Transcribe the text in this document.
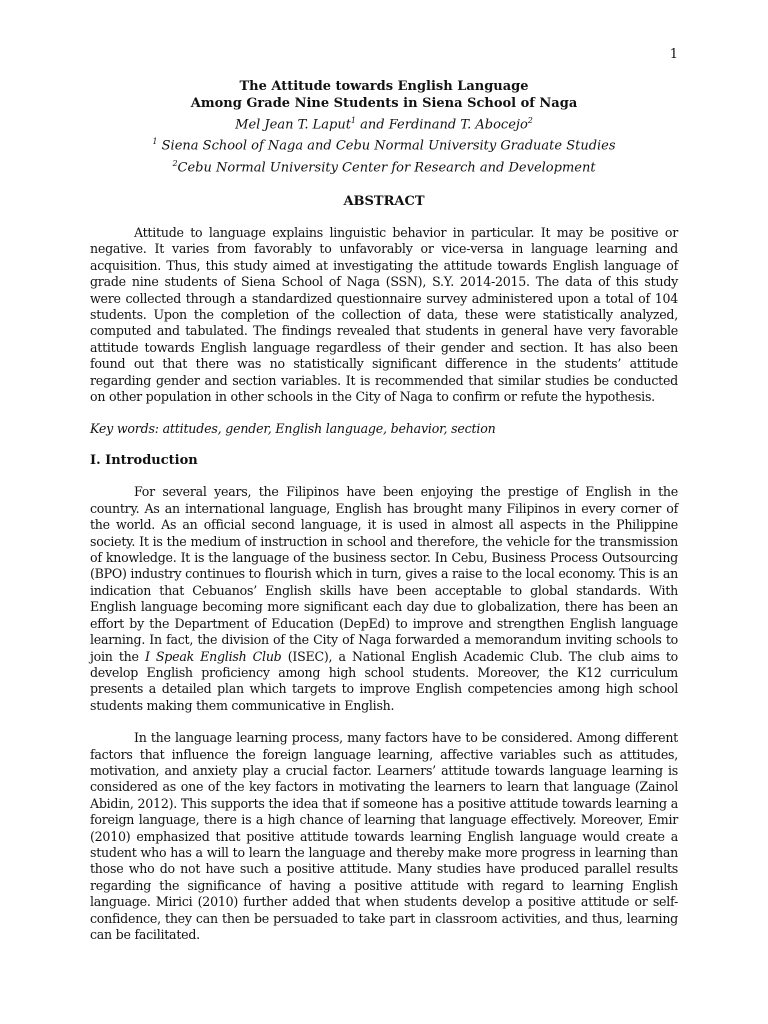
1
The Attitude towards English Language
Among Grade Nine Students in Siena School of Naga
Mel Jean T. Laput$^1$ and Ferdinand T. Abocejo$^2$
$^1$ Siena School of Naga and Cebu Normal University Graduate Studies
$^2$Cebu Normal University Center for Research and Development
ABSTRACT

Attitude to language explains linguistic behavior in particular. It may be positive or negative. It varies from favorably to unfavorably or vice-versa in language learning and acquisition. Thus, this study aimed at investigating the attitude towards English language of grade nine students of Siena School of Naga (SSN), S.Y. 2014-2015. The data of this study were collected through a standardized questionnaire survey administered upon a total of 104 students. Upon the completion of the collection of data, these were statistically analyzed, computed and tabulated. The findings revealed that students in general have very favorable attitude towards English language regardless of their gender and section. It has also been found out that there was no statistically significant difference in the students’ attitude regarding gender and section variables. It is recommended that similar studies be conducted on other population in other schools in the City of Naga to confirm or refute the hypothesis.

Key words: attitudes, gender, English language, behavior, section
I. Introduction

For several years, the Filipinos have been enjoying the prestige of English in the country. As an international language, English has brought many Filipinos in every corner of the world. As an official second language, it is used in almost all aspects in the Philippine society. It is the medium of instruction in school and therefore, the vehicle for the transmission of knowledge. It is the language of the business sector. In Cebu, Business Process Outsourcing (BPO) industry continues to flourish which in turn, gives a raise to the local economy. This is an indication that Cebuanos’ English skills have been acceptable to global standards. With English language becoming more significant each day due to globalization, there has been an effort by the Department of Education (DepEd) to improve and strengthen English language learning. In fact, the division of the City of Naga forwarded a memorandum inviting schools to join the I Speak English Club (ISEC), a National English Academic Club. The club aims to develop English proficiency among high school students. Moreover, the K12 curriculum presents a detailed plan which targets to improve English competencies among high school students making them communicative in English.

In the language learning process, many factors have to be considered. Among different factors that influence the foreign language learning, affective variables such as attitudes, motivation, and anxiety play a crucial factor. Learners’ attitude towards language learning is considered as one of the key factors in motivating the learners to learn that language (Zainol Abidin, 2012). This supports the idea that if someone has a positive attitude towards learning a foreign language, there is a high chance of learning that language effectively. Moreover, Emir (2010) emphasized that positive attitude towards learning English language would create a student who has a will to learn the language and thereby make more progress in learning than those who do not have such a positive attitude. Many studies have produced parallel results regarding the significance of having a positive attitude with regard to learning English language. Mirici (2010) further added that when students develop a positive attitude or self-confidence, they can then be persuaded to take part in classroom activities, and thus, learning can be facilitated.
